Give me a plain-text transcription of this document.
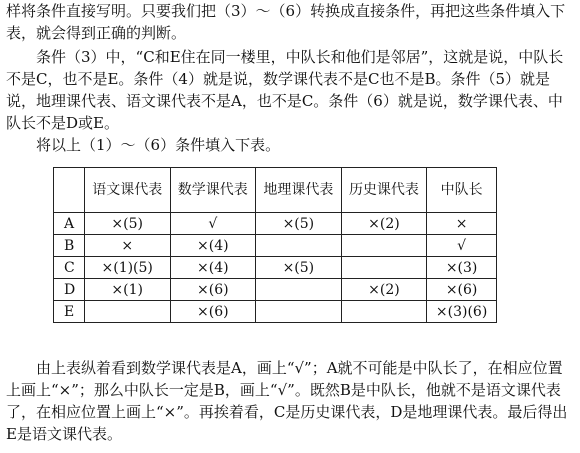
样将条件直接写明。只要我们把（3）～（6）转换成直接条件，再把这些条件填入下表，就会得到正确的判断。

条件（3）中，“C和E住在同一楼里，中队长和他们是邻居”，这就是说，中队长不是C，也不是E。条件（4）就是说，数学课代表不是C也不是B。条件（5）就是说，地理课代表、语文课代表不是A，也不是C。条件（6）就是说，数学课代表、中队长不是D或E。

将以上（1）～（6）条件填入下表。

	语文课代表	数学课代表	地理课代表	历史课代表	中队长
A	×(5)	√	×(5)	×(2)	×
B	×	×(4)			√
C	×(1)(5)	×(4)	×(5)		×(3)
D	×(1)	×(6)		×(2)	×(6)
E		×(6)			×(3)(6)

由上表纵着看到数学课代表是A，画上“√”；A就不可能是中队长了，在相应位置上画上“×”；那么中队长一定是B，画上“√”。既然B是中队长，他就不是语文课代表了，在相应位置上画上“×”。再挨着看，C是历史课代表，D是地理课代表。最后得出E是语文课代表。
